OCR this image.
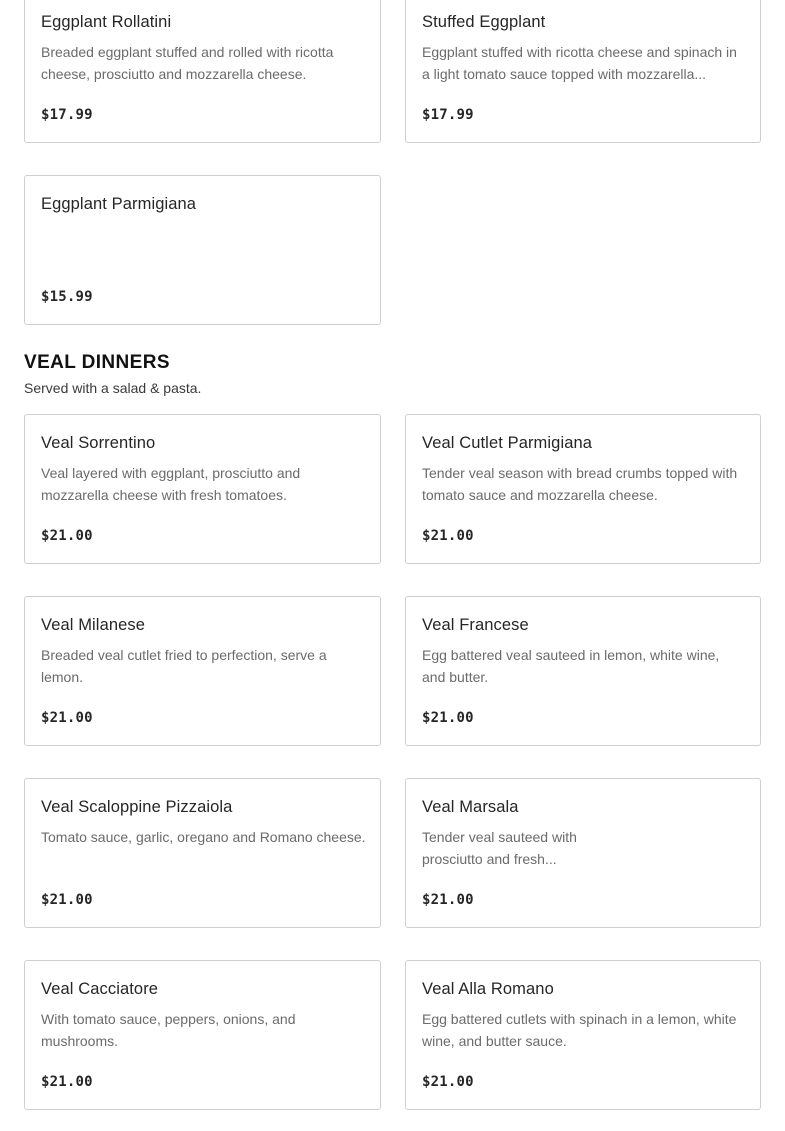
Eggplant Rollatini
Breaded eggplant stuffed and rolled with ricotta cheese, prosciutto and mozzarella cheese.
$17.99
Stuffed Eggplant
Eggplant stuffed with ricotta cheese and spinach in a light tomato sauce topped with mozzarella...
$17.99
Eggplant Parmigiana
$15.99
VEAL DINNERS
Served with a salad & pasta.
Veal Sorrentino
Veal layered with eggplant, prosciutto and mozzarella cheese with fresh tomatoes.
$21.00
Veal Cutlet Parmigiana
Tender veal season with bread crumbs topped with tomato sauce and mozzarella cheese.
$21.00
Veal Milanese
Breaded veal cutlet fried to perfection, serve a lemon.
$21.00
Veal Francese
Egg battered veal sauteed in lemon, white wine, and butter.
$21.00
Veal Scaloppine Pizzaiola
Tomato sauce, garlic, oregano and Romano cheese.
$21.00
Veal Marsala
Tender veal sauteed with prosciutto and fresh...
$21.00
Veal Cacciatore
With tomato sauce, peppers, onions, and mushrooms.
$21.00
Veal Alla Romano
Egg battered cutlets with spinach in a lemon, white wine, and butter sauce.
$21.00
